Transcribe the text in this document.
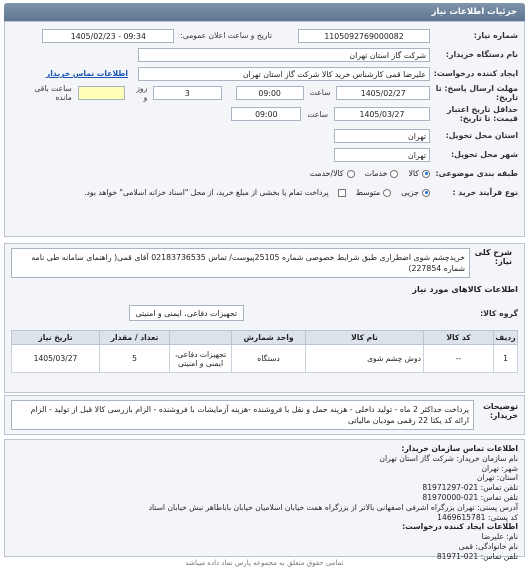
جزئیات اطلاعات نیاز
شماره نیاز:
1105092769000082
تاریخ و ساعت اعلان عمومی:
1405/02/23 - 09:34
نام دستگاه خریدار:
شرکت گاز استان تهران
ایجاد کننده درخواست:
علیرضا قمی کارشناس خرید کالا شرکت گاز استان تهران
اطلاعات تماس خریدار
مهلت ارسال پاسخ: تا تاریخ:
1405/02/27
ساعت
09:00
3
روز و
ساعت باقی مانده
حداقل تاریخ اعتبار قیمت: تا تاریخ:
1405/03/27
ساعت
09:00
استان محل تحویل:
تهران
شهر محل تحویل:
تهران
طبقه بندی موضوعی:
کالا
خدمات
کالا/خدمت
نوع فرآیند خرید :
جزیی
متوسط
پرداخت تمام یا بخشی از مبلغ خرید، از محل "اسناد خزانه اسلامی" خواهد بود.
شرح کلی نیاز:
خریدچشم شوی اضطراری طبق شرایط خصوصی شماره 25105پیوست/ تماس 02183736535 آقای قمی( راهنمای سامانه طی نامه شماره 227854)
اطلاعات کالاهای مورد نیاز
گروه کالا:
تجهیزات دفاعی، ایمنی و امنیتی
ردیف	کد کالا	نام کالا	واحد شمارش		تعداد / مقدار	تاریخ نیاز
1	--	دوش چشم شوی	دستگاه	تجهیزات دفاعی، ایمنی و امنیتی	5	1405/03/27
توضیحات خریدار:
پرداخت حداکثر 2 ماه - تولید داخلی - هزینه حمل و نقل با فروشنده -هزینه آزمایشات با فروشنده - الزام بازرسی کالا قبل از تولید - الزام ارائه کد یکتا 22 رقمی مودیان مالیاتی
اطلاعات تماس سازمان خریدار:
نام سازمان خریدار: شرکت گاز استان تهران
شهر: تهران
استان: تهران
تلفن تماس: 021-81971297
تلفن تماس: 021-81970000
آدرس پستی: تهران بزرگراه اشرفی اصفهانی بالاتر از بزرگراه همت خیابان اسلامیان خیابان باباطاهر نبش خیابان استاد
کد پستی: 1469615781
اطلاعات ایجاد کننده درخواست:
نام: علیرضا
نام خانوادگی: قمی
تلفن تماس: 021-81971
تمامی حقوق متعلق به مجموعه پارس نماد داده میباشد
